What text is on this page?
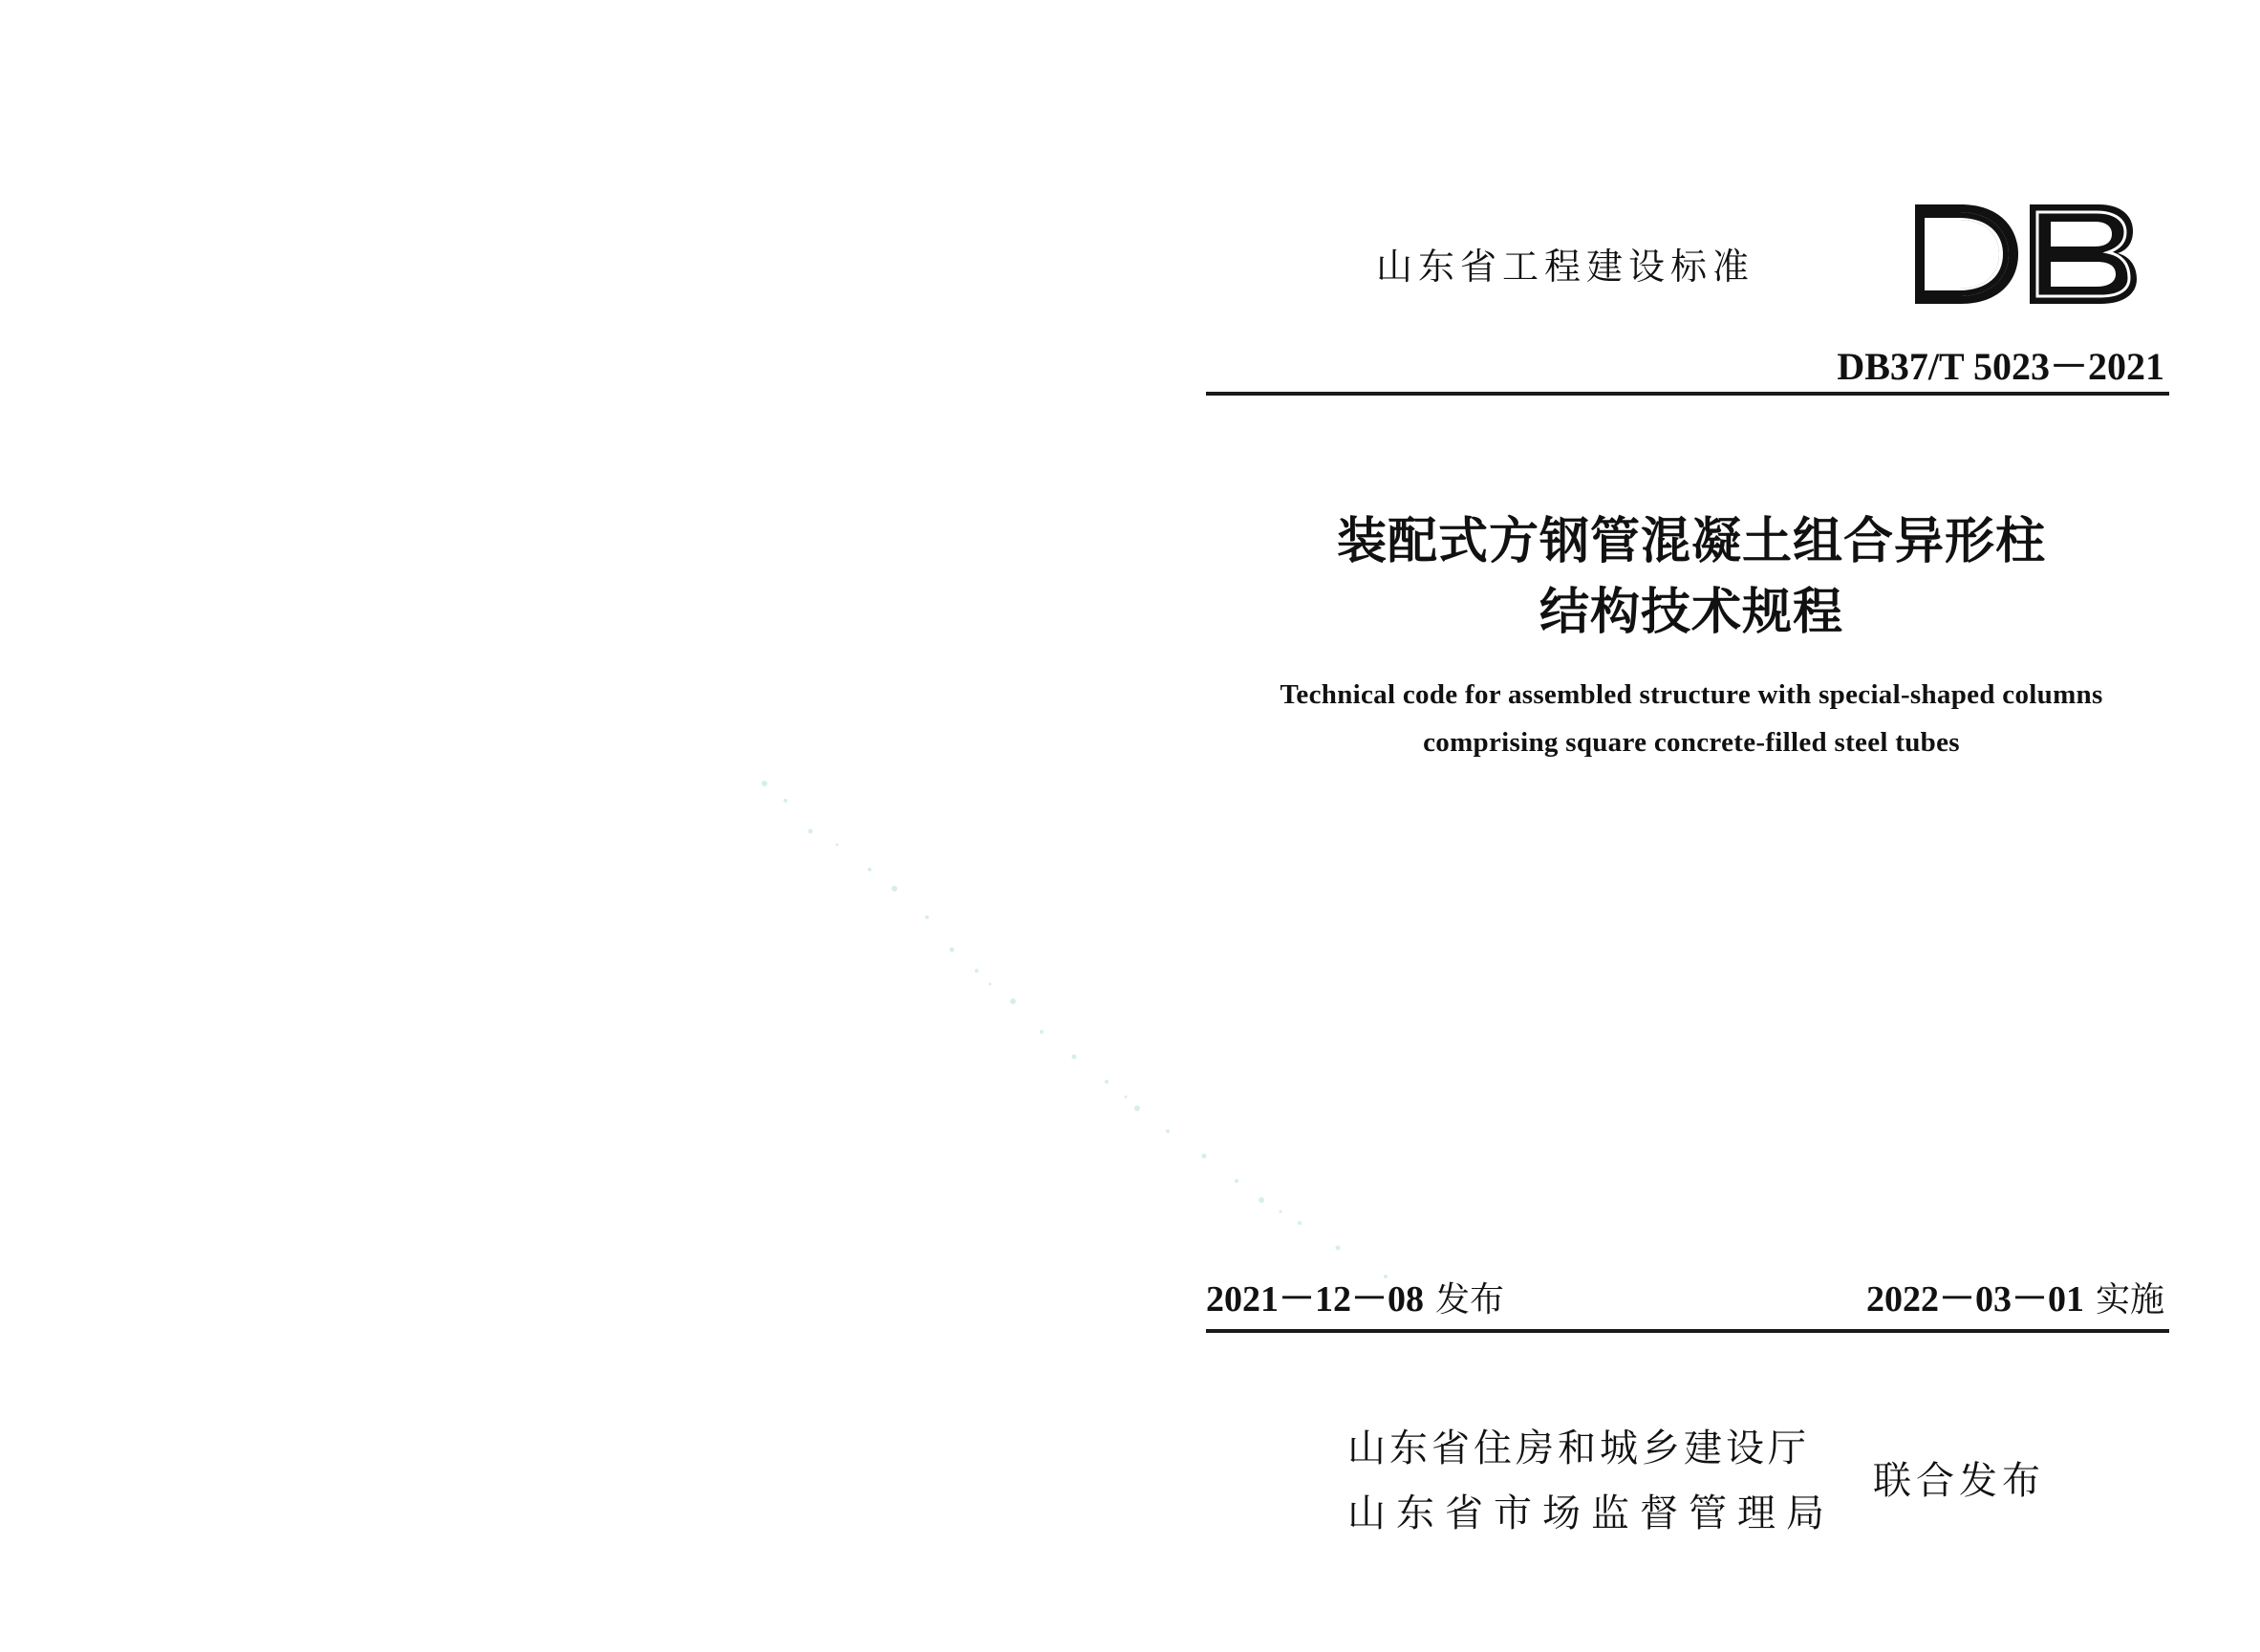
山东省工程建设标准
DB37/T 5023－2021
装配式方钢管混凝土组合异形柱
结构技术规程
Technical code for assembled structure with special-shaped columns
comprising square concrete-filled steel tubes
2021－12－08 发布	2022－03－01 实施
山东省住房和城乡建设厅
山东省市场监督管理局
联合发布
